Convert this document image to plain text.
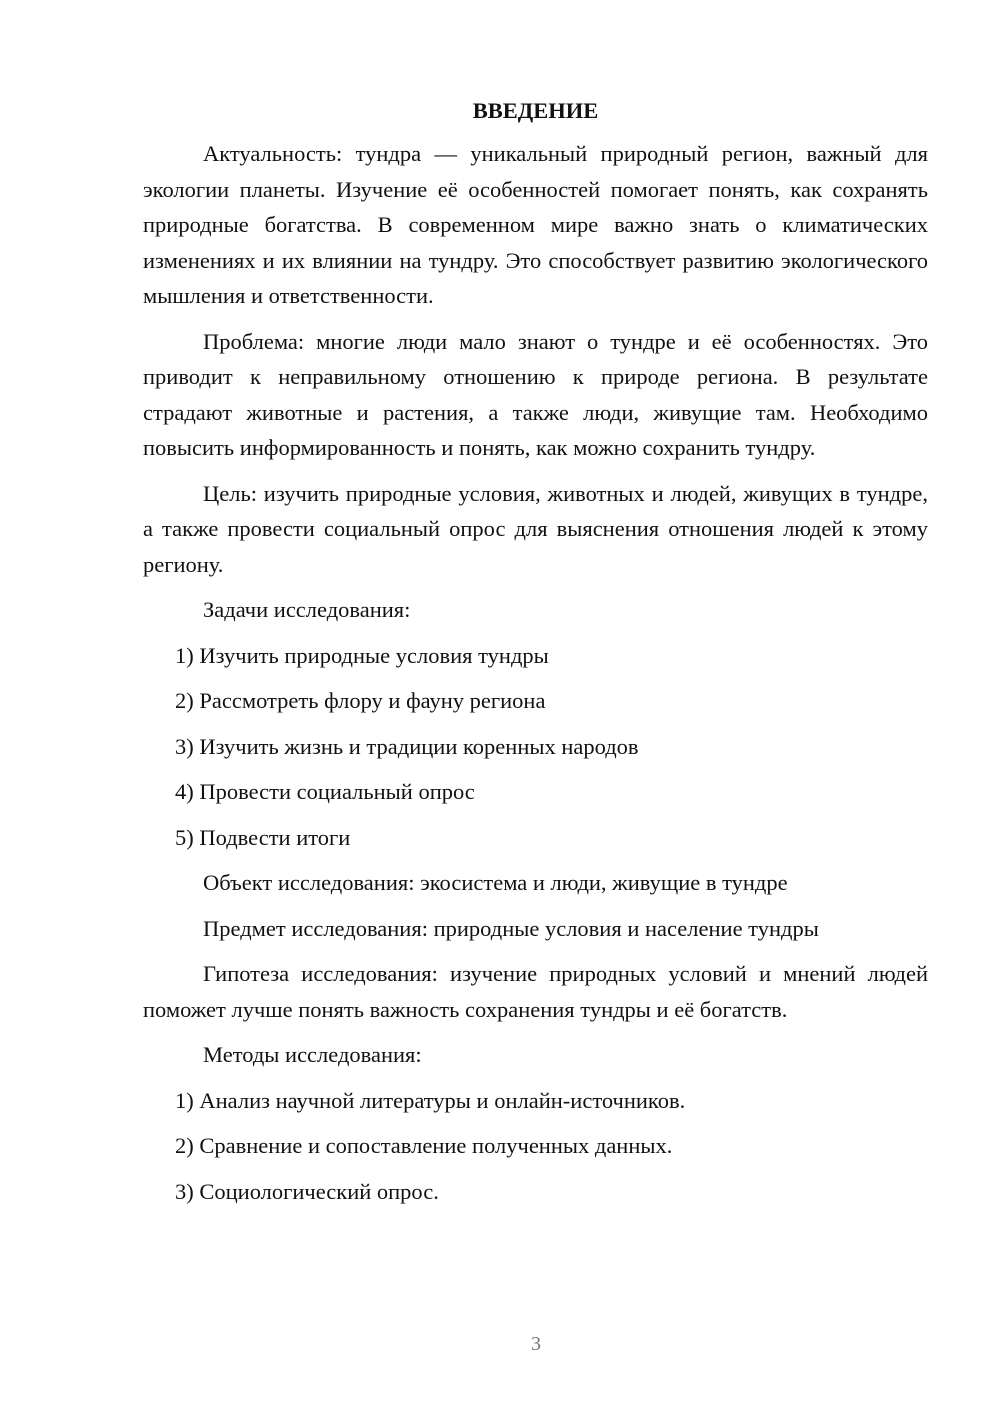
ВВЕДЕНИЕ

Актуальность: тундра — уникальный природный регион, важный для экологии планеты. Изучение её особенностей помогает понять, как сохранять природные богатства. В современном мире важно знать о климатических изменениях и их влиянии на тундру. Это способствует развитию экологического мышления и ответственности.

Проблема: многие люди мало знают о тундре и её особенностях. Это приводит к неправильному отношению к природе региона. В результате страдают животные и растения, а также люди, живущие там. Необходимо повысить информированность и понять, как можно сохранить тундру.

Цель: изучить природные условия, животных и людей, живущих в тундре, а также провести социальный опрос для выяснения отношения людей к этому региону.

Задачи исследования:
1) Изучить природные условия тундры
2) Рассмотреть флору и фауну региона
3) Изучить жизнь и традиции коренных народов
4) Провести социальный опрос
5) Подвести итоги
Объект исследования: экосистема и люди, живущие в тундре
Предмет исследования: природные условия и население тундры

Гипотеза исследования: изучение природных условий и мнений людей поможет лучше понять важность сохранения тундры и её богатств.

Методы исследования:
1) Анализ научной литературы и онлайн-источников.
2) Сравнение и сопоставление полученных данных.
3) Социологический опрос.
3
